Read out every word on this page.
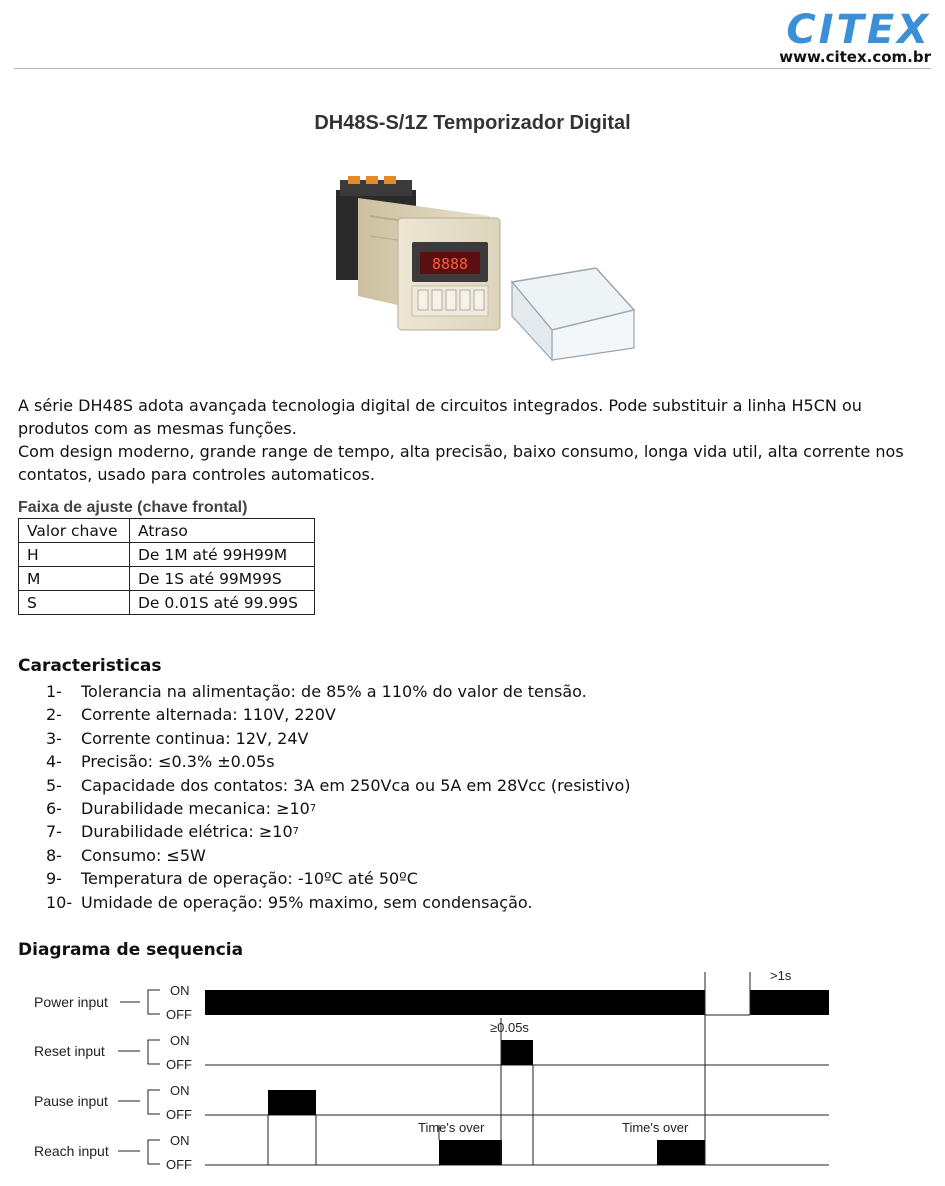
CITEX
www.citex.com.br
DH48S-S/1Z Temporizador Digital
8888

A série DH48S adota avançada tecnologia digital de circuitos integrados. Pode substituir a linha H5CN ou produtos com as mesmas funções.

Com design moderno, grande range de tempo, alta precisão, baixo consumo, longa vida util, alta corrente nos contatos, usado para controles automaticos.

Faixa de ajuste (chave frontal)
Valor chave	Atraso
H	De 1M até 99H99M
M	De 1S até 99M99S
S	De 0.01S até 99.99S
Caracteristicas
1-	Tolerancia na alimentação: de 85% a 110% do valor de tensão.
2-	Corrente alternada: 110V, 220V
3-	Corrente continua: 12V, 24V
4-	Precisão: ≤0.3% ±0.05s
5-	Capacidade dos contatos: 3A em 250Vca ou 5A em 28Vcc (resistivo)
6-	Durabilidade mecanica: ≥10 7
7-	Durabilidade elétrica: ≥10 7
8-	Consumo: ≤5W
9-	Temperatura de operação: -10ºC até 50ºC
10- Umidade de operação: 95% maximo, sem condensação.
Diagrama de sequencia
Power input
ON
OFF
>1s
Reset input
ON
OFF
≥0.05s
Pause input
ON
OFF
Reach input
ON
OFF
Time's over	Time's over
